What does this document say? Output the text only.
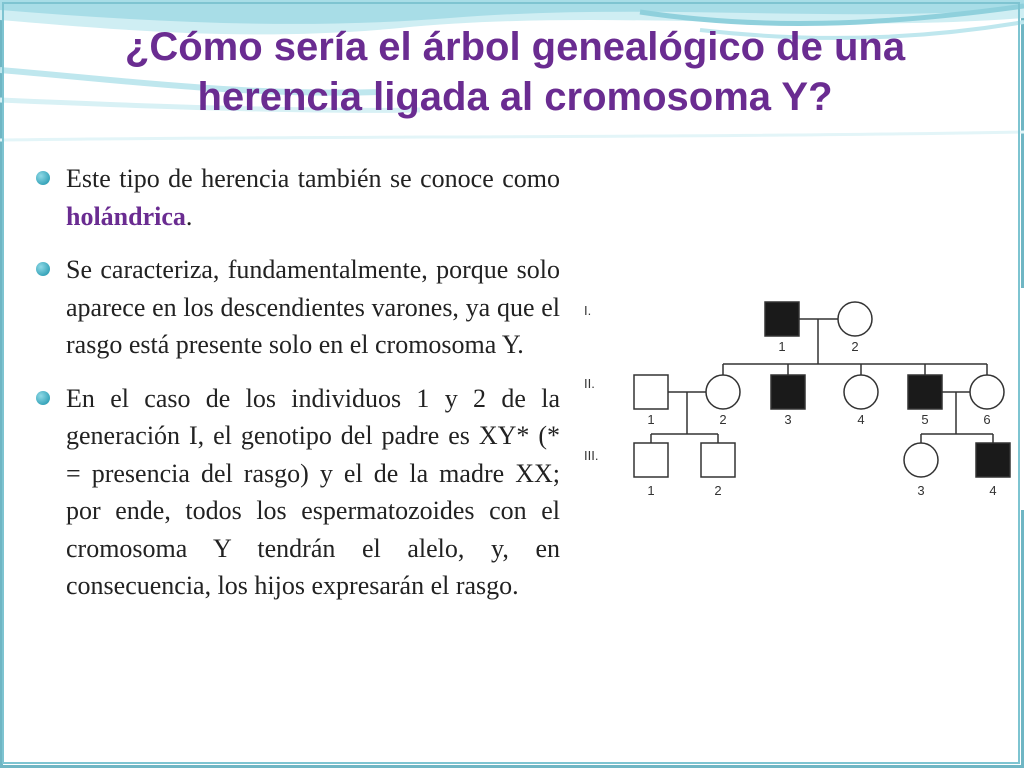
¿Cómo sería el árbol genealógico de una herencia ligada al cromosoma Y?
Este tipo de herencia también se conoce como holándrica.
Se caracteriza, fundamentalmente, porque solo aparece en los descendientes varones, ya que el rasgo está presente solo en el cromosoma Y.
En el caso de los individuos 1 y 2 de la generación I, el genotipo del padre es XY* (* = presencia del rasgo) y el de la madre XX; por ende, todos los espermatozoides con el cromosoma Y tendrán el alelo, y, en consecuencia, los hijos expresarán el rasgo.
I.
1	2
II.
1	2	3	4	5	6
III.
1	2	3	4
